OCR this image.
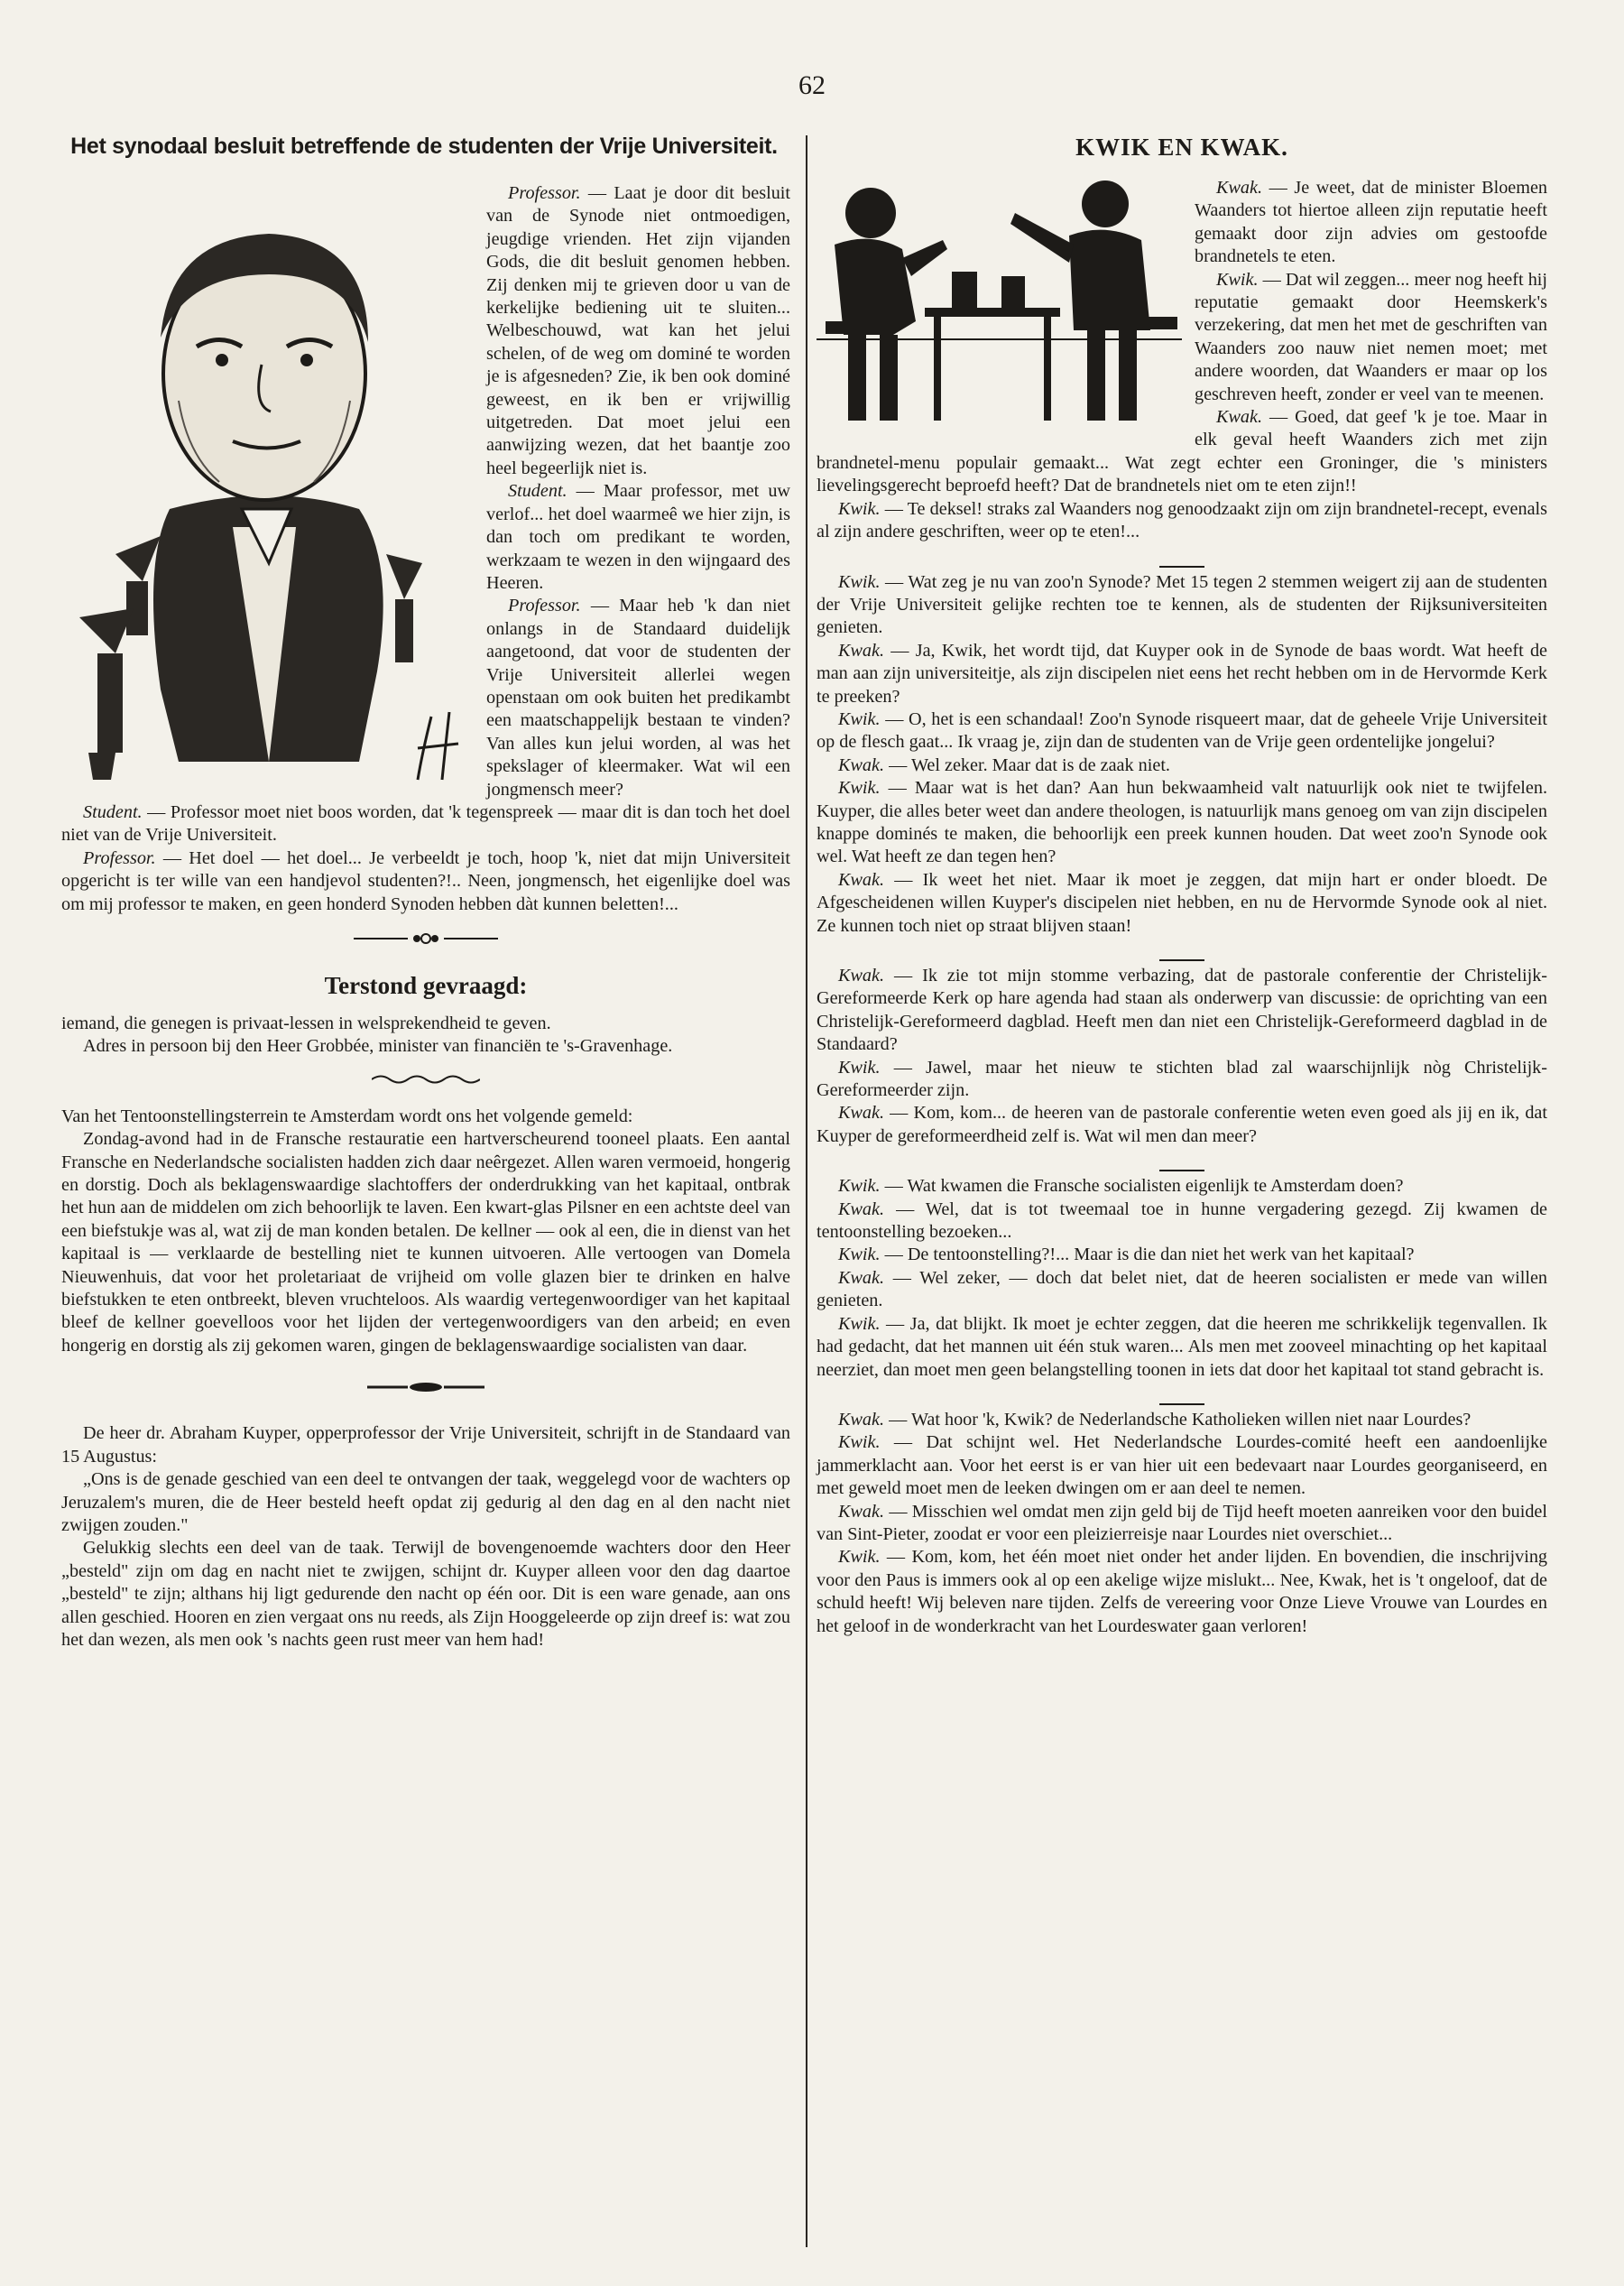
62
Het synodaal besluit betreffende de studenten der Vrije Universiteit.	KWIK EN KWAK.

Professor. — Laat je door dit besluit van de Synode niet ontmoedigen, jeugdige vrienden. Het zijn vijanden Gods, die dit besluit genomen hebben. Zij denken mij te grieven door u van de kerkelijke bediening uit te sluiten... Welbeschouwd, wat kan het jelui schelen, of de weg om dominé te worden je is afgesneden? Zie, ik ben ook dominé geweest, en ik ben er vrijwillig uitgetreden. Dat moet jelui een aanwijzing wezen, dat het baantje zoo heel begeerlijk niet is.

Student. — Maar professor, met uw verlof... het doel waarmeê we hier zijn, is dan toch om predikant te worden, werkzaam te wezen in den wijngaard des Heeren.

Professor. — Maar heb 'k dan niet onlangs in de Standaard duidelijk aangetoond, dat voor de studenten der Vrije Universiteit allerlei wegen openstaan om ook buiten het predikambt een maatschappelijk bestaan te vinden? Van alles kun jelui worden, al was het spekslager of kleermaker. Wat wil een jongmensch meer?

Student. — Professor moet niet boos worden, dat 'k tegenspreek — maar dit is dan toch het doel niet van de Vrije Universiteit.

Professor. — Het doel — het doel... Je verbeeldt je toch, hoop 'k, niet dat mijn Universiteit opgericht is ter wille van een handjevol studenten?!.. Neen, jongmensch, het eigenlijke doel was om mij professor te maken, en geen honderd Synoden hebben dàt kunnen beletten!...

Terstond gevraagd:

iemand, die genegen is privaat-lessen in welsprekendheid te geven.

Adres in persoon bij den Heer Grobbée, minister van financiën te 's-Gravenhage.

Van het Tentoonstellingsterrein te Amsterdam wordt ons het volgende gemeld:

Zondag-avond had in de Fransche restauratie een hartverscheurend tooneel plaats. Een aantal Fransche en Nederlandsche socialisten hadden zich daar neêrgezet. Allen waren vermoeid, hongerig en dorstig. Doch als beklagenswaardige slachtoffers der onderdrukking van het kapitaal, ontbrak het hun aan de middelen om zich behoorlijk te laven. Een kwart-glas Pilsner en een achtste deel van een biefstukje was al, wat zij de man konden betalen. De kellner — ook al een, die in dienst van het kapitaal is — verklaarde de bestelling niet te kunnen uitvoeren. Alle vertoogen van Domela Nieuwenhuis, dat voor het proletariaat de vrijheid om volle glazen bier te drinken en halve biefstukken te eten ontbreekt, bleven vruchteloos. Als waardig vertegenwoordiger van het kapitaal bleef de kellner goevelloos voor het lijden der vertegenwoordigers van den arbeid; en even hongerig en dorstig als zij gekomen waren, gingen de beklagenswaardige socialisten van daar.

De heer dr. Abraham Kuyper, opperprofessor der Vrije Universiteit, schrijft in de Standaard van 15 Augustus:

„Ons is de genade geschied van een deel te ontvangen der taak, weggelegd voor de wachters op Jeruzalem's muren, die de Heer besteld heeft opdat zij gedurig al den dag en al den nacht niet zwijgen zouden."

Gelukkig slechts een deel van de taak. Terwijl de bovengenoemde wachters door den Heer „besteld" zijn om dag en nacht niet te zwijgen, schijnt dr. Kuyper alleen voor den dag daartoe „besteld" te zijn; althans hij ligt gedurende den nacht op één oor. Dit is een ware genade, aan ons allen geschied. Hooren en zien vergaat ons nu reeds, als Zijn Hooggeleerde op zijn dreef is: wat zou het dan wezen, als men ook 's nachts geen rust meer van hem had!

Kwak. — Je weet, dat de minister Bloemen Waanders tot hiertoe alleen zijn reputatie heeft gemaakt door zijn advies om gestoofde brandnetels te eten.

Kwik. — Dat wil zeggen... meer nog heeft hij reputatie gemaakt door Heemskerk's verzekering, dat men het met de geschriften van Waanders zoo nauw niet nemen moet; met andere woorden, dat Waanders er maar op los geschreven heeft, zonder er veel van te meenen.

Kwak. — Goed, dat geef 'k je toe. Maar in elk geval heeft Waanders zich met zijn brandnetel-menu populair gemaakt... Wat zegt echter een Groninger, die 's ministers lievelingsgerecht beproefd heeft? Dat de brandnetels niet om te eten zijn!!

Kwik. — Te deksel! straks zal Waanders nog genoodzaakt zijn om zijn brandnetel-recept, evenals al zijn andere geschriften, weer op te eten!...

Kwik. — Wat zeg je nu van zoo'n Synode? Met 15 tegen 2 stemmen weigert zij aan de studenten der Vrije Universiteit gelijke rechten toe te kennen, als de studenten der Rijksuniversiteiten genieten.

Kwak. — Ja, Kwik, het wordt tijd, dat Kuyper ook in de Synode de baas wordt. Wat heeft de man aan zijn universiteitje, als zijn discipelen niet eens het recht hebben om in de Hervormde Kerk te preeken?

Kwik. — O, het is een schandaal! Zoo'n Synode risqueert maar, dat de geheele Vrije Universiteit op de flesch gaat... Ik vraag je, zijn dan de studenten van de Vrije geen ordentelijke jongelui?

Kwak. — Wel zeker. Maar dat is de zaak niet.

Kwik. — Maar wat is het dan? Aan hun bekwaamheid valt natuurlijk ook niet te twijfelen. Kuyper, die alles beter weet dan andere theologen, is natuurlijk mans genoeg om van zijn discipelen knappe dominés te maken, die behoorlijk een preek kunnen houden. Dat weet zoo'n Synode ook wel. Wat heeft ze dan tegen hen?

Kwak. — Ik weet het niet. Maar ik moet je zeggen, dat mijn hart er onder bloedt. De Afgescheidenen willen Kuyper's discipelen niet hebben, en nu de Hervormde Synode ook al niet. Ze kunnen toch niet op straat blijven staan!

Kwak. — Ik zie tot mijn stomme verbazing, dat de pastorale conferentie der Christelijk-Gereformeerde Kerk op hare agenda had staan als onderwerp van discussie: de oprichting van een Christelijk-Gereformeerd dagblad. Heeft men dan niet een Christelijk-Gereformeerd dagblad in de Standaard?

Kwik. — Jawel, maar het nieuw te stichten blad zal waarschijnlijk nòg Christelijk-Gereformeerder zijn.

Kwak. — Kom, kom... de heeren van de pastorale conferentie weten even goed als jij en ik, dat Kuyper de gereformeerdheid zelf is. Wat wil men dan meer?

Kwik. — Wat kwamen die Fransche socialisten eigenlijk te Amsterdam doen?

Kwak. — Wel, dat is tot tweemaal toe in hunne vergadering gezegd. Zij kwamen de tentoonstelling bezoeken...

Kwik. — De tentoonstelling?!... Maar is die dan niet het werk van het kapitaal?

Kwak. — Wel zeker, — doch dat belet niet, dat de heeren socialisten er mede van willen genieten.

Kwik. — Ja, dat blijkt. Ik moet je echter zeggen, dat die heeren me schrikkelijk tegenvallen. Ik had gedacht, dat het mannen uit één stuk waren... Als men met zooveel minachting op het kapitaal neerziet, dan moet men geen belangstelling toonen in iets dat door het kapitaal tot stand gebracht is.

Kwak. — Wat hoor 'k, Kwik? de Nederlandsche Katholieken willen niet naar Lourdes?

Kwik. — Dat schijnt wel. Het Nederlandsche Lourdes-comité heeft een aandoenlijke jammerklacht aan. Voor het eerst is er van hier uit een bedevaart naar Lourdes georganiseerd, en met geweld moet men de leeken dwingen om er aan deel te nemen.

Kwak. — Misschien wel omdat men zijn geld bij de Tijd heeft moeten aanreiken voor den buidel van Sint-Pieter, zoodat er voor een pleizierreisje naar Lourdes niet overschiet...

Kwik. — Kom, kom, het één moet niet onder het ander lijden. En bovendien, die inschrijving voor den Paus is immers ook al op een akelige wijze mislukt... Nee, Kwak, het is 't ongeloof, dat de schuld heeft! Wij beleven nare tijden. Zelfs de vereering voor Onze Lieve Vrouwe van Lourdes en het geloof in de wonderkracht van het Lourdeswater gaan verloren!
